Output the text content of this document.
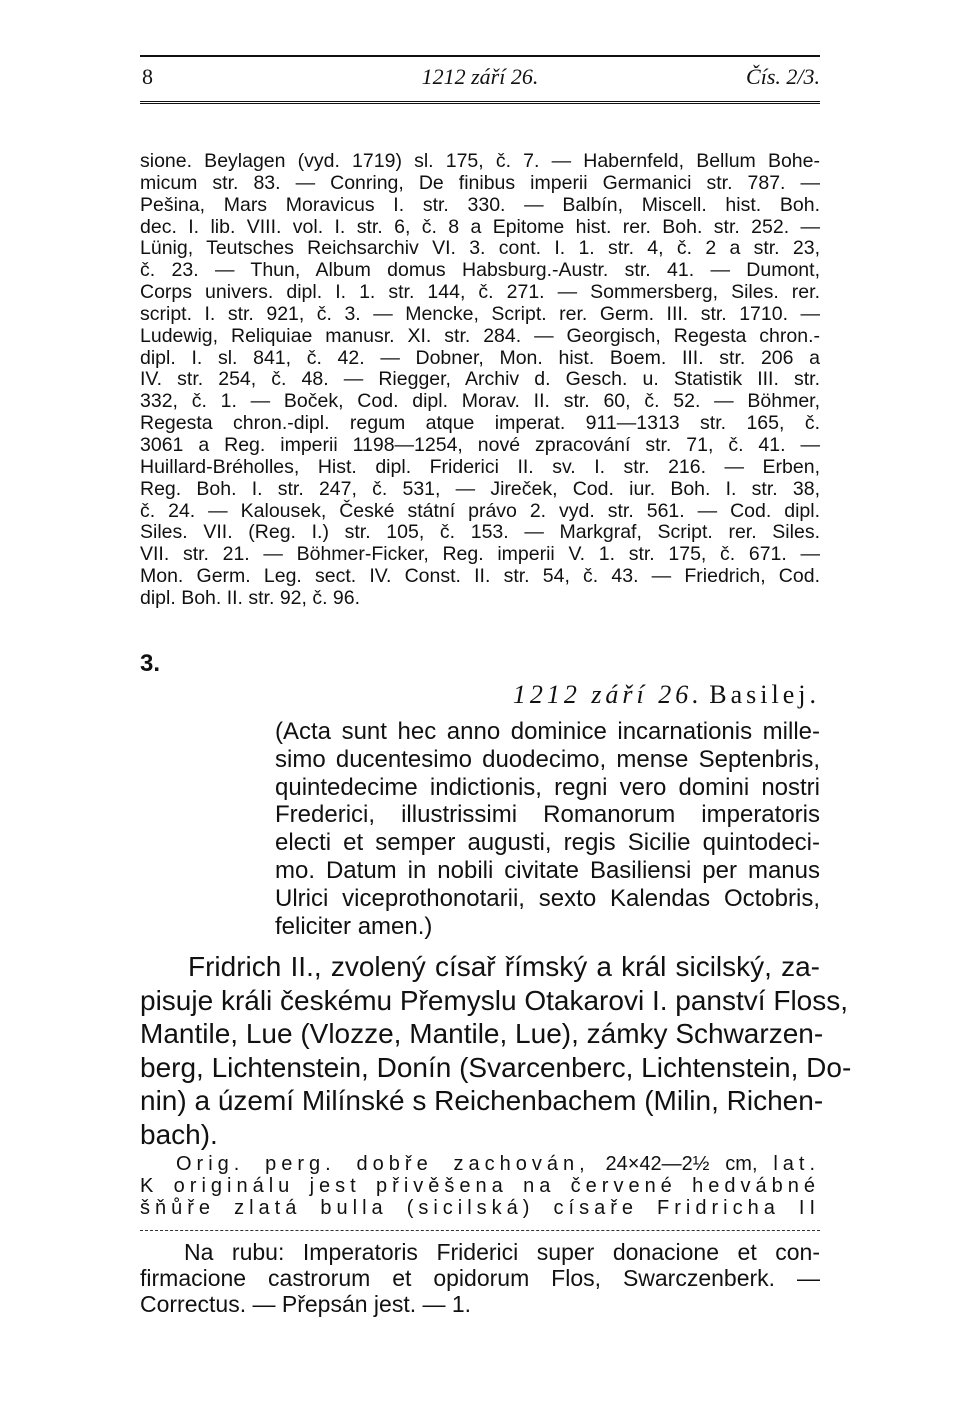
8	1212 září 26.	Čís. 2/3.
sione. Beylagen (vyd. 1719) sl. 175, č. 7. — Habernfeld, Bellum Bohe-
micum str. 83. — Conring, De finibus imperii Germanici str. 787. —
Pešina, Mars Moravicus I. str. 330. — Balbín, Miscell. hist. Boh.
dec. I. lib. VIII. vol. I. str. 6, č. 8 a Epitome hist. rer. Boh. str. 252. —
Lünig, Teutsches Reichsarchiv VI. 3. cont. I. 1. str. 4, č. 2 a str. 23,
č. 23. — Thun, Album domus Habsburg.-Austr. str. 41. — Dumont,
Corps univers. dipl. I. 1. str. 144, č. 271. — Sommersberg, Siles. rer.
script. I. str. 921, č. 3. — Mencke, Script. rer. Germ. III. str. 1710. —
Ludewig, Reliquiae manusr. XI. str. 284. — Georgisch, Regesta chron.-
dipl. I. sl. 841, č. 42. — Dobner, Mon. hist. Boem. III. str. 206 a
IV. str. 254, č. 48. — Riegger, Archiv d. Gesch. u. Statistik III. str.
332, č. 1. — Boček, Cod. dipl. Morav. II. str. 60, č. 52. — Böhmer,
Regesta chron.-dipl. regum atque imperat. 911—1313 str. 165, č.
3061 a Reg. imperii 1198—1254, nové zpracování str. 71, č. 41. —
Huillard-Bréholles, Hist. dipl. Friderici II. sv. I. str. 216. — Erben,
Reg. Boh. I. str. 247, č. 531, — Jireček, Cod. iur. Boh. I. str. 38,
č. 24. — Kalousek, České státní právo 2. vyd. str. 561. — Cod. dipl.
Siles. VII. (Reg. I.) str. 105, č. 153. — Markgraf, Script. rer. Siles.
VII. str. 21. — Böhmer-Ficker, Reg. imperii V. 1. str. 175, č. 671. —
Mon. Germ. Leg. sect. IV. Const. II. str. 54, č. 43. — Friedrich, Cod.
dipl. Boh. II. str. 92, č. 96.
3.
1212 září 26. Basilej.
(Acta sunt hec anno dominice incarnationis mille-
simo ducentesimo duodecimo, mense Septenbris,
quintedecime indictionis, regni vero domini nostri
Frederici, illustrissimi Romanorum imperatoris
electi et semper augusti, regis Sicilie quintodeci-
mo. Datum in nobili civitate Basiliensi per manus
Ulrici viceprothonotarii, sexto Kalendas Octobris,
feliciter amen.)
Fridrich II., zvolený císař římský a král sicilský, za-
pisuje králi českému Přemyslu Otakarovi I. panství Floss,
Mantile, Lue (Vlozze, Mantile, Lue), zámky Schwarzen-
berg, Lichtenstein, Donín (Svarcenberc, Lichtenstein, Do-
nin) a území Milínské s Reichenbachem (Milin, Richen-
bach).
Orig. perg. dobře zachován, 24×42—2½ cm, lat.
K originálu jest přivěšena na červené hedvábné
šňůře zlatá bulla (sicilská) císaře Fridricha II
Na rubu: Imperatoris Friderici super donacione et con-
firmacione castrorum et opidorum Flos, Swarczenberk. —
Correctus. — Přepsán jest. — 1.
